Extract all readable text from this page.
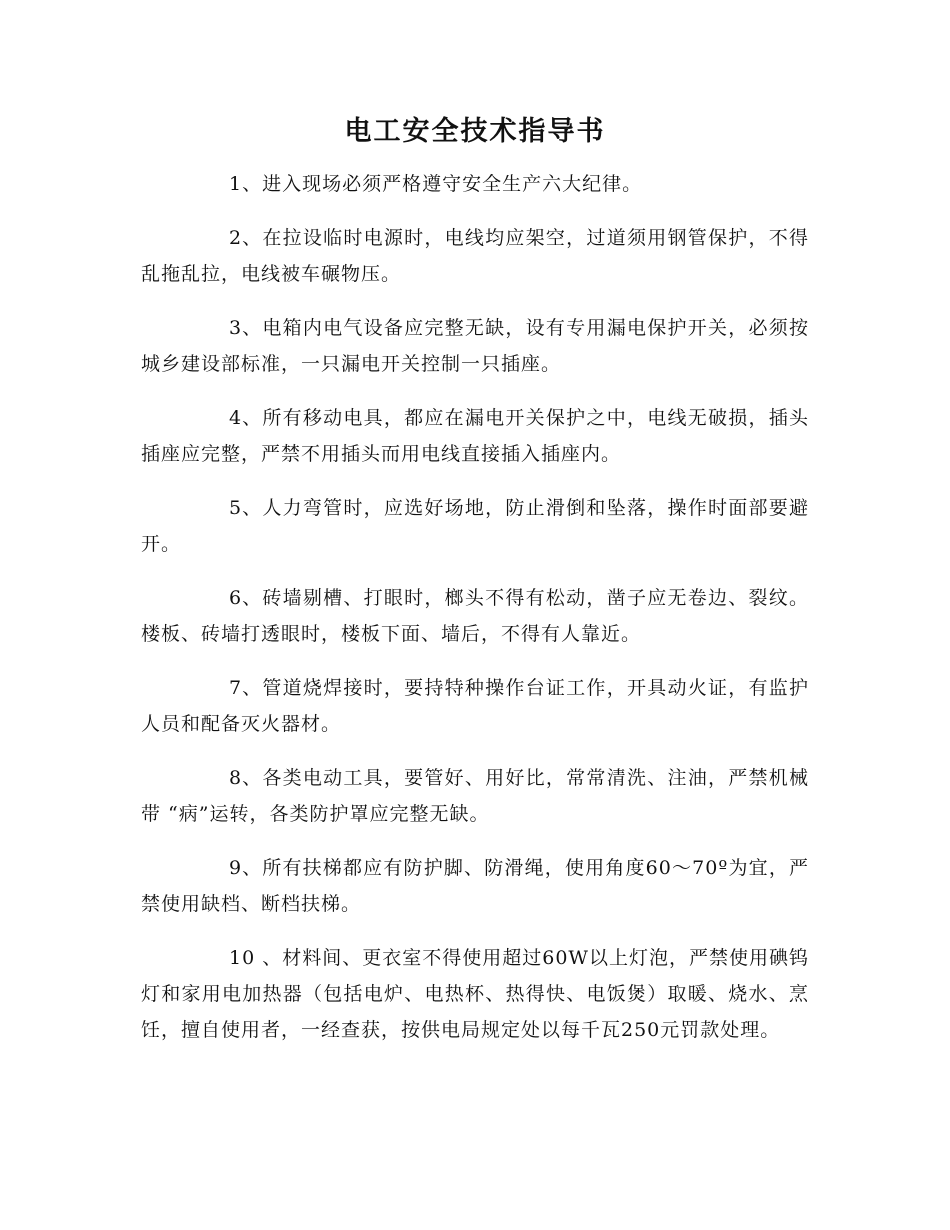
电工安全技术指导书

1、进入现场必须严格遵守安全生产六大纪律。

2、在拉设临时电源时，电线均应架空，过道须用钢管保护，不得乱拖乱拉，电线被车碾物压。

3、电箱内电气设备应完整无缺，设有专用漏电保护开关，必须按城乡建设部标准，一只漏电开关控制一只插座。

4、所有移动电具，都应在漏电开关保护之中，电线无破损，插头插座应完整，严禁不用插头而用电线直接插入插座内。

5、人力弯管时，应选好场地，防止滑倒和坠落，操作时面部要避开。

6、砖墙剔槽、打眼时，榔头不得有松动，凿子应无卷边、裂纹。楼板、砖墙打透眼时，楼板下面、墙后，不得有人靠近。

7、管道烧焊接时，要持特种操作台证工作，开具动火证，有监护人员和配备灭火器材。

8、各类电动工具，要管好、用好比，常常清洗、注油，严禁机械带 “病”运转，各类防护罩应完整无缺。

9、所有扶梯都应有防护脚、防滑绳，使用角度60～70º为宜，严禁使用缺档、断档扶梯。

10 、材料间、更衣室不得使用超过60W以上灯泡，严禁使用碘钨灯和家用电加热器（包括电炉、电热杯、热得快、电饭煲）取暖、烧水、烹饪，擅自使用者，一经查获，按供电局规定处以每千瓦250元罚款处理。
